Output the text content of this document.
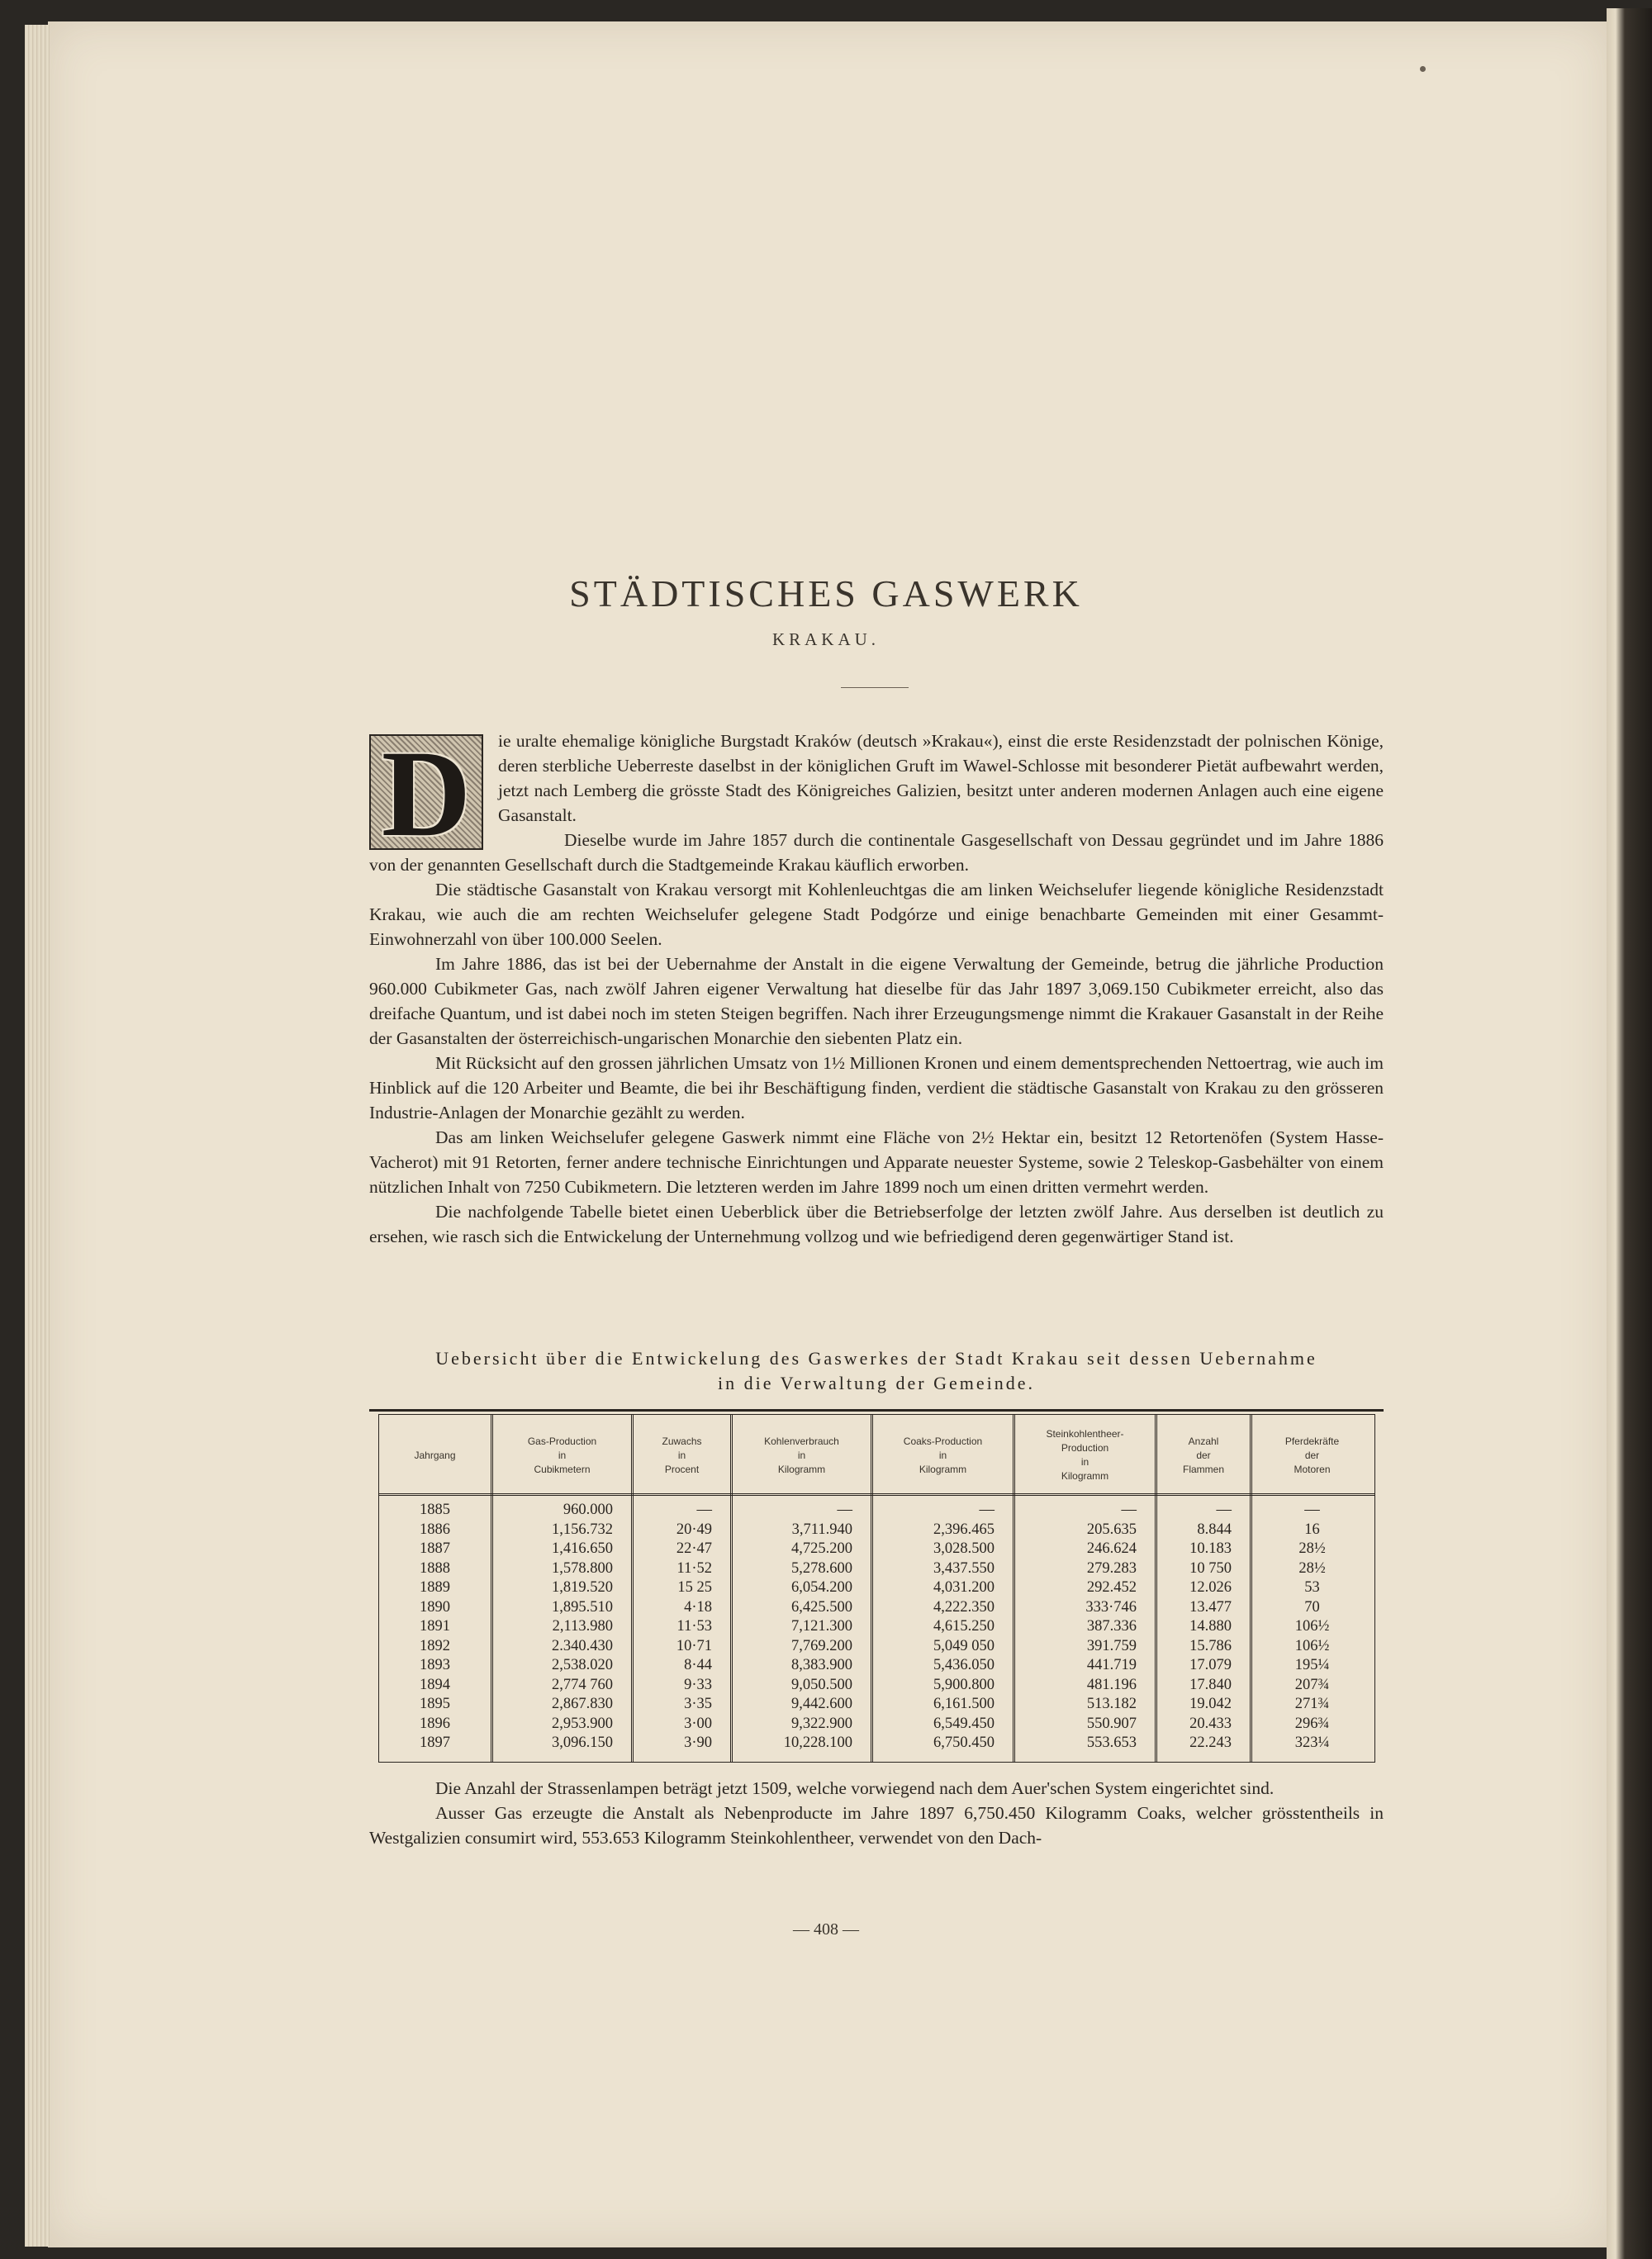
STÄDTISCHES GASWERK
KRAKAU.
D	ie uralte ehemalige königliche Burgstadt Kraków (deutsch »Krakau«), einst die erste Residenzstadt der polnischen Könige, deren sterbliche Ueberreste daselbst in der königlichen Gruft im Wawel-Schlosse mit besonderer Pietät aufbewahrt werden, jetzt nach Lemberg die grösste Stadt des Königreiches Galizien, besitzt unter anderen modernen Anlagen auch eine eigene Gasanstalt.

Dieselbe wurde im Jahre 1857 durch die continentale Gasgesellschaft von Dessau gegründet und im Jahre 1886 von der genannten Gesellschaft durch die Stadtgemeinde Krakau käuflich erworben.

Die städtische Gasanstalt von Krakau versorgt mit Kohlenleuchtgas die am linken Weichselufer liegende königliche Residenzstadt Krakau, wie auch die am rechten Weichselufer gelegene Stadt Podgórze und einige benachbarte Gemeinden mit einer Gesammt-Einwohnerzahl von über 100.000 Seelen.

Im Jahre 1886, das ist bei der Uebernahme der Anstalt in die eigene Verwaltung der Gemeinde, betrug die jährliche Production 960.000 Cubikmeter Gas, nach zwölf Jahren eigener Verwaltung hat dieselbe für das Jahr 1897 3,069.150 Cubikmeter erreicht, also das dreifache Quantum, und ist dabei noch im steten Steigen begriffen. Nach ihrer Erzeugungsmenge nimmt die Krakauer Gasanstalt in der Reihe der Gasanstalten der österreichisch-ungarischen Monarchie den siebenten Platz ein.

Mit Rücksicht auf den grossen jährlichen Umsatz von 1½ Millionen Kronen und einem dementsprechenden Nettoertrag, wie auch im Hinblick auf die 120 Arbeiter und Beamte, die bei ihr Beschäftigung finden, verdient die städtische Gasanstalt von Krakau zu den grösseren Industrie-Anlagen der Monarchie gezählt zu werden.

Das am linken Weichselufer gelegene Gaswerk nimmt eine Fläche von 2½ Hektar ein, besitzt 12 Retortenöfen (System Hasse-Vacherot) mit 91 Retorten, ferner andere technische Einrichtungen und Apparate neuester Systeme, sowie 2 Teleskop-Gasbehälter von einem nützlichen Inhalt von 7250 Cubikmetern. Die letzteren werden im Jahre 1899 noch um einen dritten vermehrt werden.

Die nachfolgende Tabelle bietet einen Ueberblick über die Betriebserfolge der letzten zwölf Jahre. Aus derselben ist deutlich zu ersehen, wie rasch sich die Entwickelung der Unternehmung vollzog und wie befriedigend deren gegenwärtiger Stand ist.

Uebersicht über die Entwickelung des Gaswerkes der Stadt Krakau seit dessen Uebernahme
in die Verwaltung der Gemeinde.
Jahrgang
1885
1886
1887
1888
1889
1890
1891
1892
1893
1894
1895
1896
1897
Gas-Production
in
Cubikmetern
960.000
1,156.732
1,416.650
1,578.800
1,819.520
1,895.510
2,113.980
2.340.430
2,538.020
2,774 760
2,867.830
2,953.900
3,096.150
Zuwachs
in
Procent
—
20·49
22·47
11·52
15 25
4·18
11·53
10·71
8·44
9·33
3·35
3·00
3·90
Kohlenverbrauch
in
Kilogramm
—
3,711.940
4,725.200
5,278.600
6,054.200
6,425.500
7,121.300
7,769.200
8,383.900
9,050.500
9,442.600
9,322.900
10,228.100
Coaks-Production
in
Kilogramm
—
2,396.465
3,028.500
3,437.550
4,031.200
4,222.350
4,615.250
5,049 050
5,436.050
5,900.800
6,161.500
6,549.450
6,750.450
Steinkohlentheer-
Production
in
Kilogramm
—
205.635
246.624
279.283
292.452
333·746
387.336
391.759
441.719
481.196
513.182
550.907
553.653
Anzahl
der
Flammen
—
8.844
10.183
10 750
12.026
13.477
14.880
15.786
17.079
17.840
19.042
20.433
22.243
Pferdekräfte
der
Motoren
—
16
28½
28½
53
70
106½
106½
195¼
207¾
271¾
296¾
323¼

Die Anzahl der Strassenlampen beträgt jetzt 1509, welche vorwiegend nach dem Auer'schen System eingerichtet sind.

Ausser Gas erzeugte die Anstalt als Nebenproducte im Jahre 1897 6,750.450 Kilogramm Coaks, welcher grösstentheils in Westgalizien consumirt wird, 553.653 Kilogramm Steinkohlentheer, verwendet von den Dach-

— 408 —
